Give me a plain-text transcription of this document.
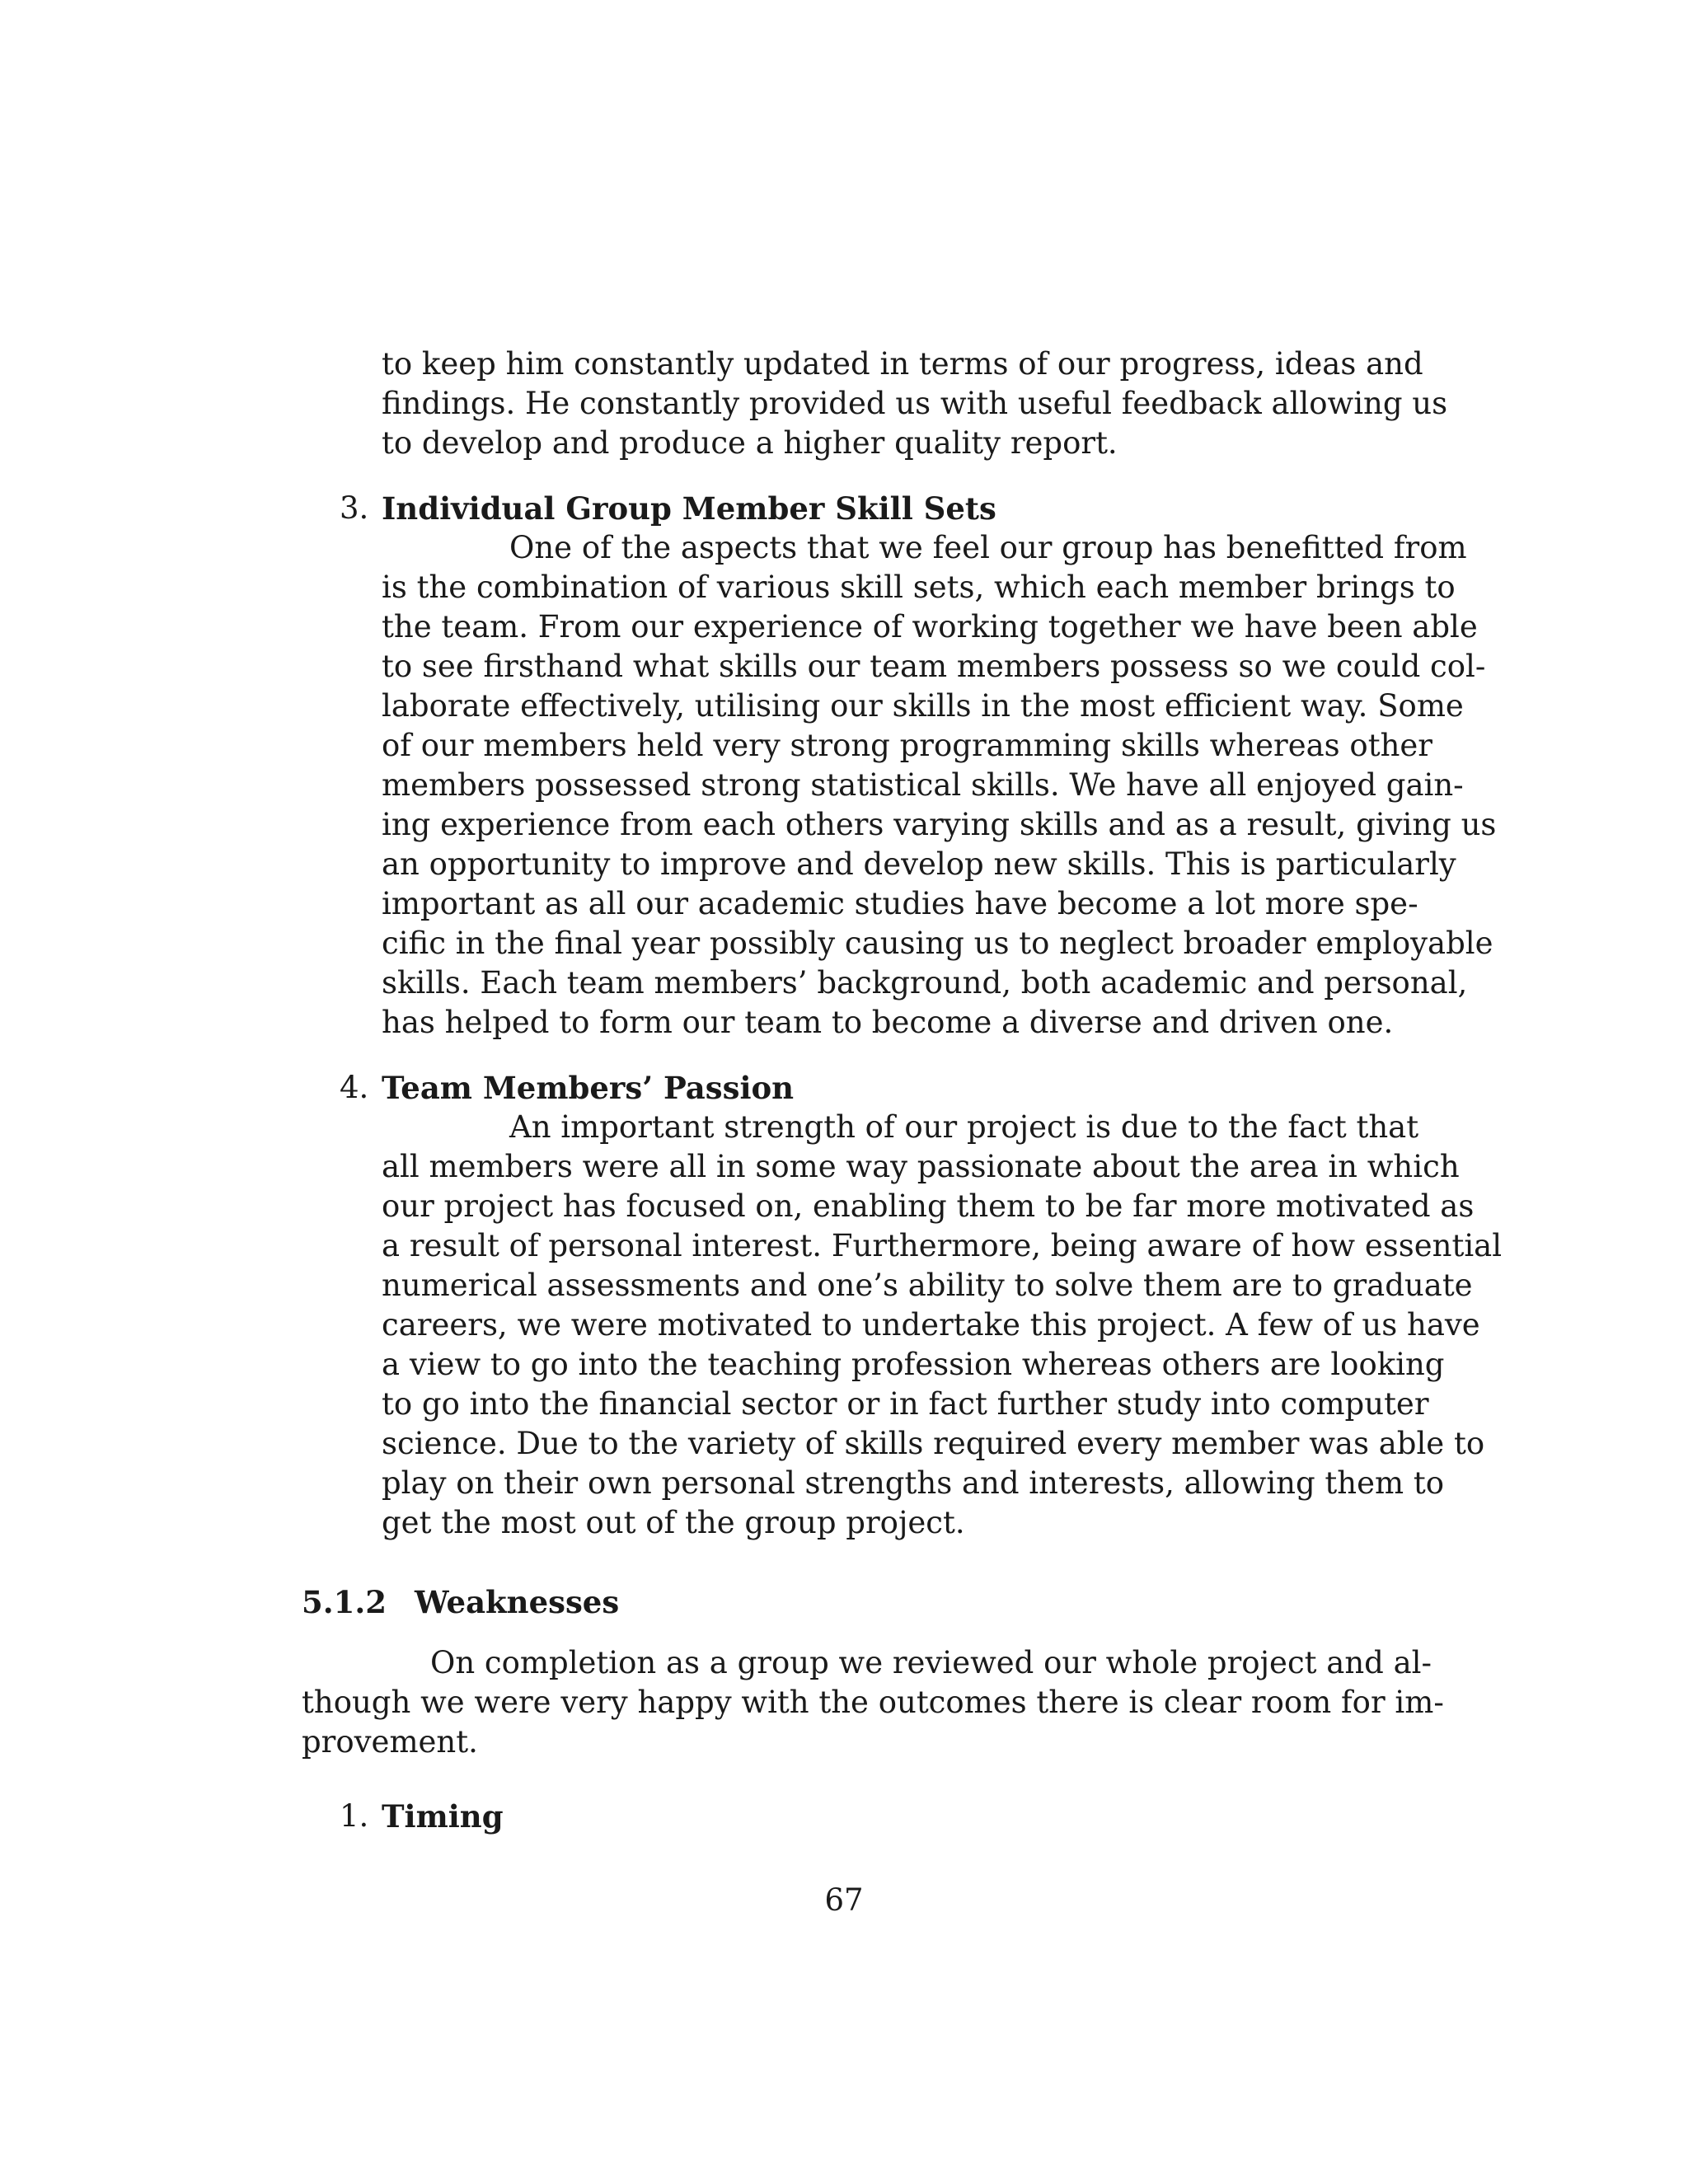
to keep him constantly updated in terms of our progress, ideas and
findings. He constantly provided us with useful feedback allowing us
to develop and produce a higher quality report.
3. Individual Group Member Skill Sets
One of the aspects that we feel our group has benefitted from
is the combination of various skill sets, which each member brings to
the team. From our experience of working together we have been able
to see firsthand what skills our team members possess so we could col-
laborate effectively, utilising our skills in the most efficient way. Some
of our members held very strong programming skills whereas other
members possessed strong statistical skills. We have all enjoyed gain-
ing experience from each others varying skills and as a result, giving us
an opportunity to improve and develop new skills. This is particularly
important as all our academic studies have become a lot more spe-
cific in the final year possibly causing us to neglect broader employable
skills. Each team members’ background, both academic and personal,
has helped to form our team to become a diverse and driven one.
4. Team Members’ Passion
An important strength of our project is due to the fact that
all members were all in some way passionate about the area in which
our project has focused on, enabling them to be far more motivated as
a result of personal interest. Furthermore, being aware of how essential
numerical assessments and one’s ability to solve them are to graduate
careers, we were motivated to undertake this project. A few of us have
a view to go into the teaching profession whereas others are looking
to go into the financial sector or in fact further study into computer
science. Due to the variety of skills required every member was able to
play on their own personal strengths and interests, allowing them to
get the most out of the group project.
5.1.2 Weaknesses
On completion as a group we reviewed our whole project and al-
though we were very happy with the outcomes there is clear room for im-
provement.
1. Timing
67
